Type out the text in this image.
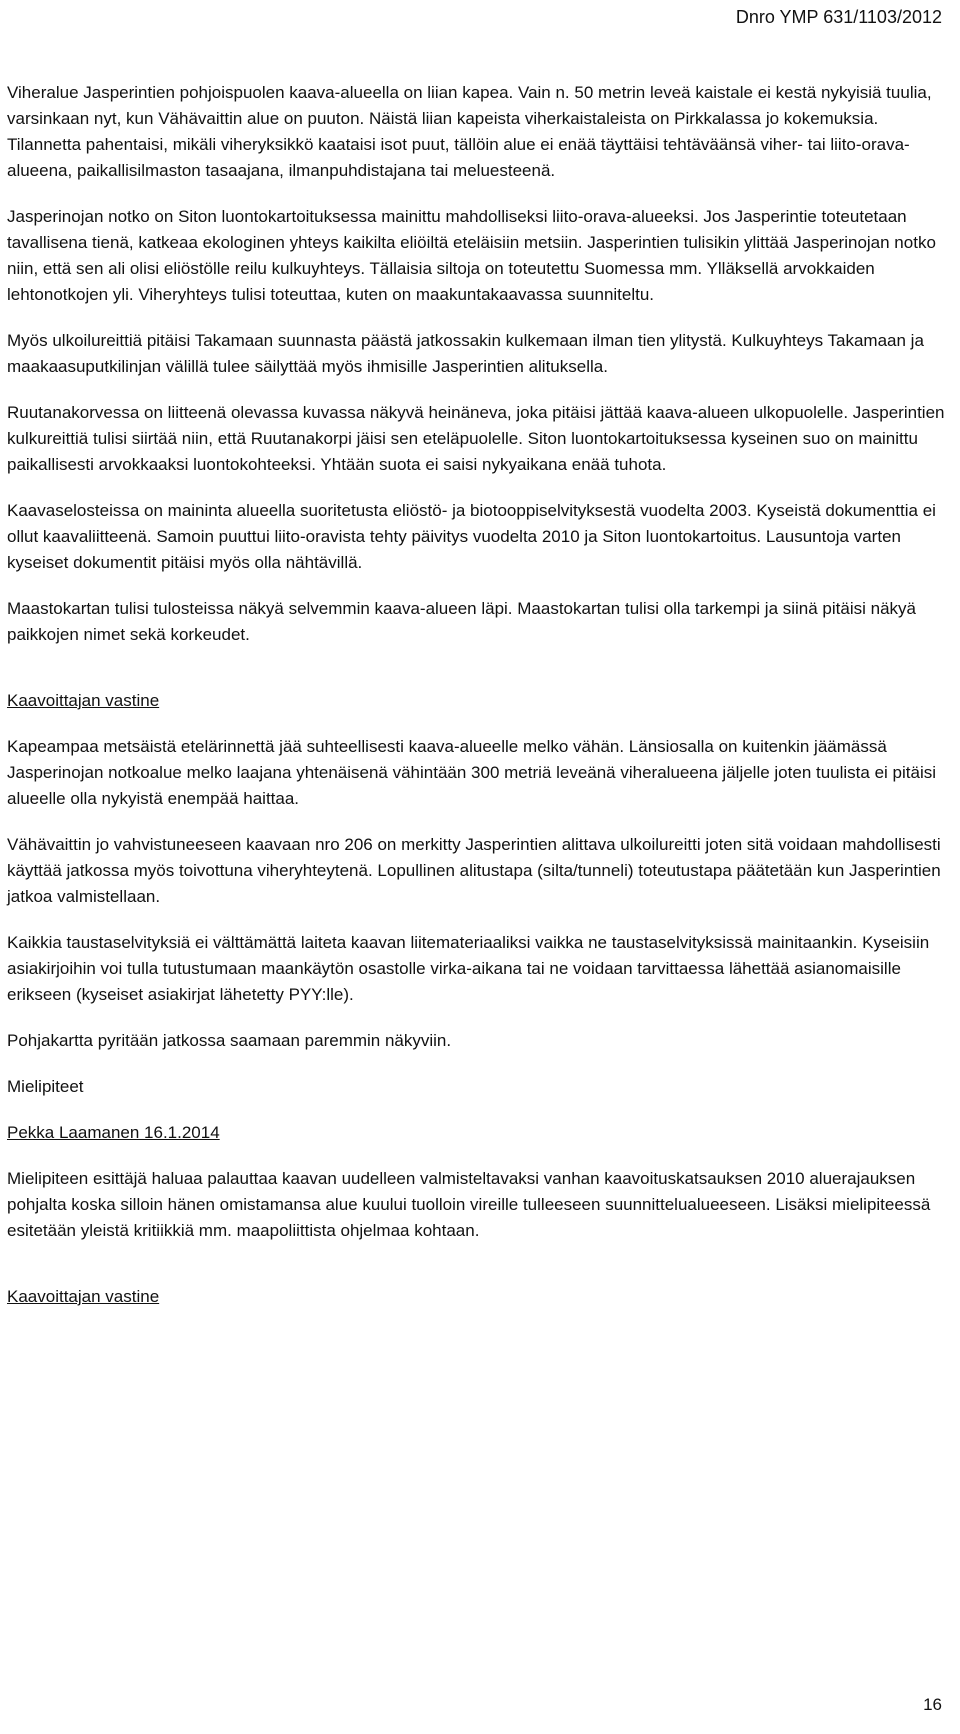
Dnro YMP 631/1103/2012

Viheralue Jasperintien pohjoispuolen kaava-alueella on liian kapea. Vain n. 50 metrin leveä kaistale ei kestä nykyisiä tuulia, varsinkaan nyt, kun Vähävaittin alue on puuton. Näistä liian kapeista viherkaistaleista on Pirkkalassa jo kokemuksia. Tilannetta pahentaisi, mikäli viheryksikkö kaataisi isot puut, tällöin alue ei enää täyttäisi tehtäväänsä viher- tai liito-orava-alueena, paikallisilmaston tasaajana, ilmanpuhdistajana tai meluesteenä.

Jasperinojan notko on Siton luontokartoituksessa mainittu mahdolliseksi liito-orava-alueeksi. Jos Jasperintie toteutetaan tavallisena tienä, katkeaa ekologinen yhteys kaikilta eliöiltä eteläisiin metsiin. Jasperintien tulisikin ylittää Jasperinojan notko niin, että sen ali olisi eliöstölle reilu kulkuyhteys. Tällaisia siltoja on toteutettu Suomessa mm. Ylläksellä arvokkaiden lehtonotkojen yli. Viheryhteys tulisi toteuttaa, kuten on maakuntakaavassa suunniteltu.

Myös ulkoilureittiä pitäisi Takamaan suunnasta päästä jatkossakin kulkemaan ilman tien ylitystä. Kulkuyhteys Takamaan ja maakaasuputkilinjan välillä tulee säilyttää myös ihmisille Jasperintien alituksella.

Ruutanakorvessa on liitteenä olevassa kuvassa näkyvä heinäneva, joka pitäisi jättää kaava-alueen ulkopuolelle. Jasperintien kulkureittiä tulisi siirtää niin, että Ruutanakorpi jäisi sen eteläpuolelle. Siton luontokartoituksessa kyseinen suo on mainittu paikallisesti arvokkaaksi luontokohteeksi. Yhtään suota ei saisi nykyaikana enää tuhota.

Kaavaselosteissa on maininta alueella suoritetusta eliöstö- ja biotooppiselvityksestä vuodelta 2003. Kyseistä dokumenttia ei ollut kaavaliitteenä. Samoin puuttui liito-oravista tehty päivitys vuodelta 2010 ja Siton luontokartoitus. Lausuntoja varten kyseiset dokumentit pitäisi myös olla nähtävillä.

Maastokartan tulisi tulosteissa näkyä selvemmin kaava-alueen läpi. Maastokartan tulisi olla tarkempi ja siinä pitäisi näkyä paikkojen nimet sekä korkeudet.

Kaavoittajan vastine

Kapeampaa metsäistä etelärinnettä jää suhteellisesti kaava-alueelle melko vähän. Länsiosalla on kuitenkin jäämässä Jasperinojan notkoalue melko laajana yhtenäisenä vähintään 300 metriä leveänä viheralueena jäljelle joten tuulista ei pitäisi alueelle olla nykyistä enempää haittaa.

Vähävaittin jo vahvistuneeseen kaavaan nro 206 on merkitty Jasperintien alittava ulkoilureitti joten sitä voidaan mahdollisesti käyttää jatkossa myös toivottuna viheryhteytenä. Lopullinen alitustapa (silta/tunneli) toteutustapa päätetään kun Jasperintien jatkoa valmistellaan.

Kaikkia taustaselvityksiä ei välttämättä laiteta kaavan liitemateriaaliksi vaikka ne taustaselvityksissä mainitaankin. Kyseisiin asiakirjoihin voi tulla tutustumaan maankäytön osastolle virka-aikana tai ne voidaan tarvittaessa lähettää asianomaisille erikseen (kyseiset asiakirjat lähetetty PYY:lle).

Pohjakartta pyritään jatkossa saamaan paremmin näkyviin.

Mielipiteet
Pekka Laamanen 16.1.2014

Mielipiteen esittäjä haluaa palauttaa kaavan uudelleen valmisteltavaksi vanhan kaavoituskatsauksen 2010 aluerajauksen pohjalta koska silloin hänen omistamansa alue kuului tuolloin vireille tulleeseen suunnittelualueeseen. Lisäksi mielipiteessä esitetään yleistä kritiikkiä mm. maapoliittista ohjelmaa kohtaan.

Kaavoittajan vastine
16
